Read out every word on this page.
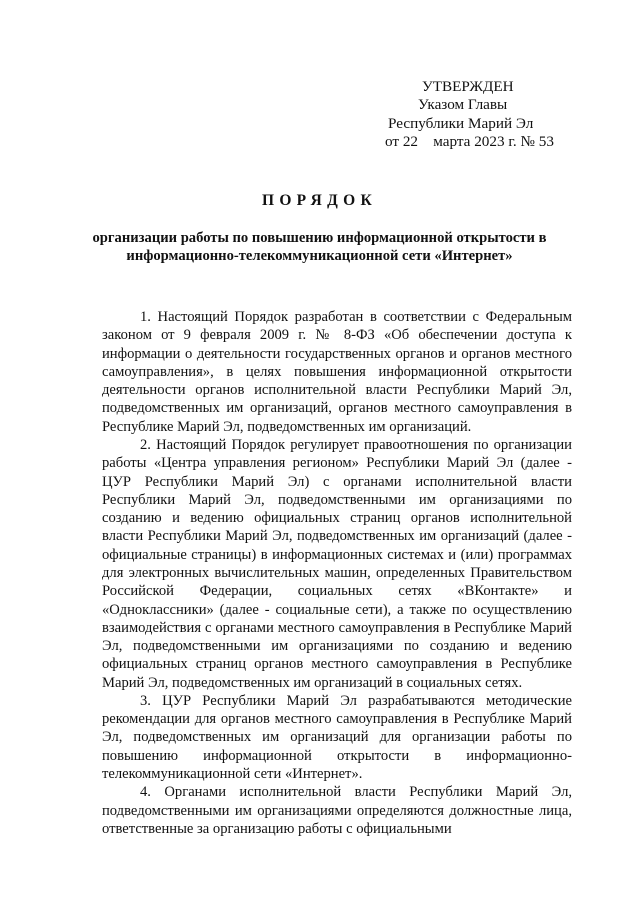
УТВЕРЖДЕН
Указом Главы
Республики Марий Эл
от 22    марта 2023 г. № 53
ПОРЯДОК
организации работы по повышению информационной открытости в информационно-телекоммуникационной сети «Интернет»

1. Настоящий Порядок разработан в соответствии с Федеральным законом от 9 февраля 2009 г. № 8-ФЗ «Об обеспечении доступа к информации о деятельности государственных органов и органов местного самоуправления», в целях повышения информационной открытости деятельности органов исполнительной власти Республики Марий Эл, подведомственных им организаций, органов местного самоуправления в Республике Марий Эл, подведомственных им организаций.

2. Настоящий Порядок регулирует правоотношения по организации работы «Центра управления регионом» Республики Марий Эл (далее - ЦУР Республики Марий Эл) с органами исполнительной власти Республики Марий Эл, подведомственными им организациями по созданию и ведению официальных страниц органов исполнительной власти Республики Марий Эл, подведомственных им организаций (далее - официальные страницы) в информационных системах и (или) программах для электронных вычислительных машин, определенных Правительством Российской Федерации, социальных сетях «ВКонтакте» и «Одноклассники» (далее - социальные сети), а также по осуществлению взаимодействия с органами местного самоуправления в Республике Марий Эл, подведомственными им организациями по созданию и ведению официальных страниц органов местного самоуправления в Республике Марий Эл, подведомственных им организаций в социальных сетях.

3. ЦУР Республики Марий Эл разрабатываются методические рекомендации для органов местного самоуправления в Республике Марий Эл, подведомственных им организаций для организации работы по повышению информационной открытости в информационно-телекоммуникационной сети «Интернет».

4. Органами исполнительной власти Республики Марий Эл, подведомственными им организациями определяются должностные лица, ответственные за организацию работы с официальными
